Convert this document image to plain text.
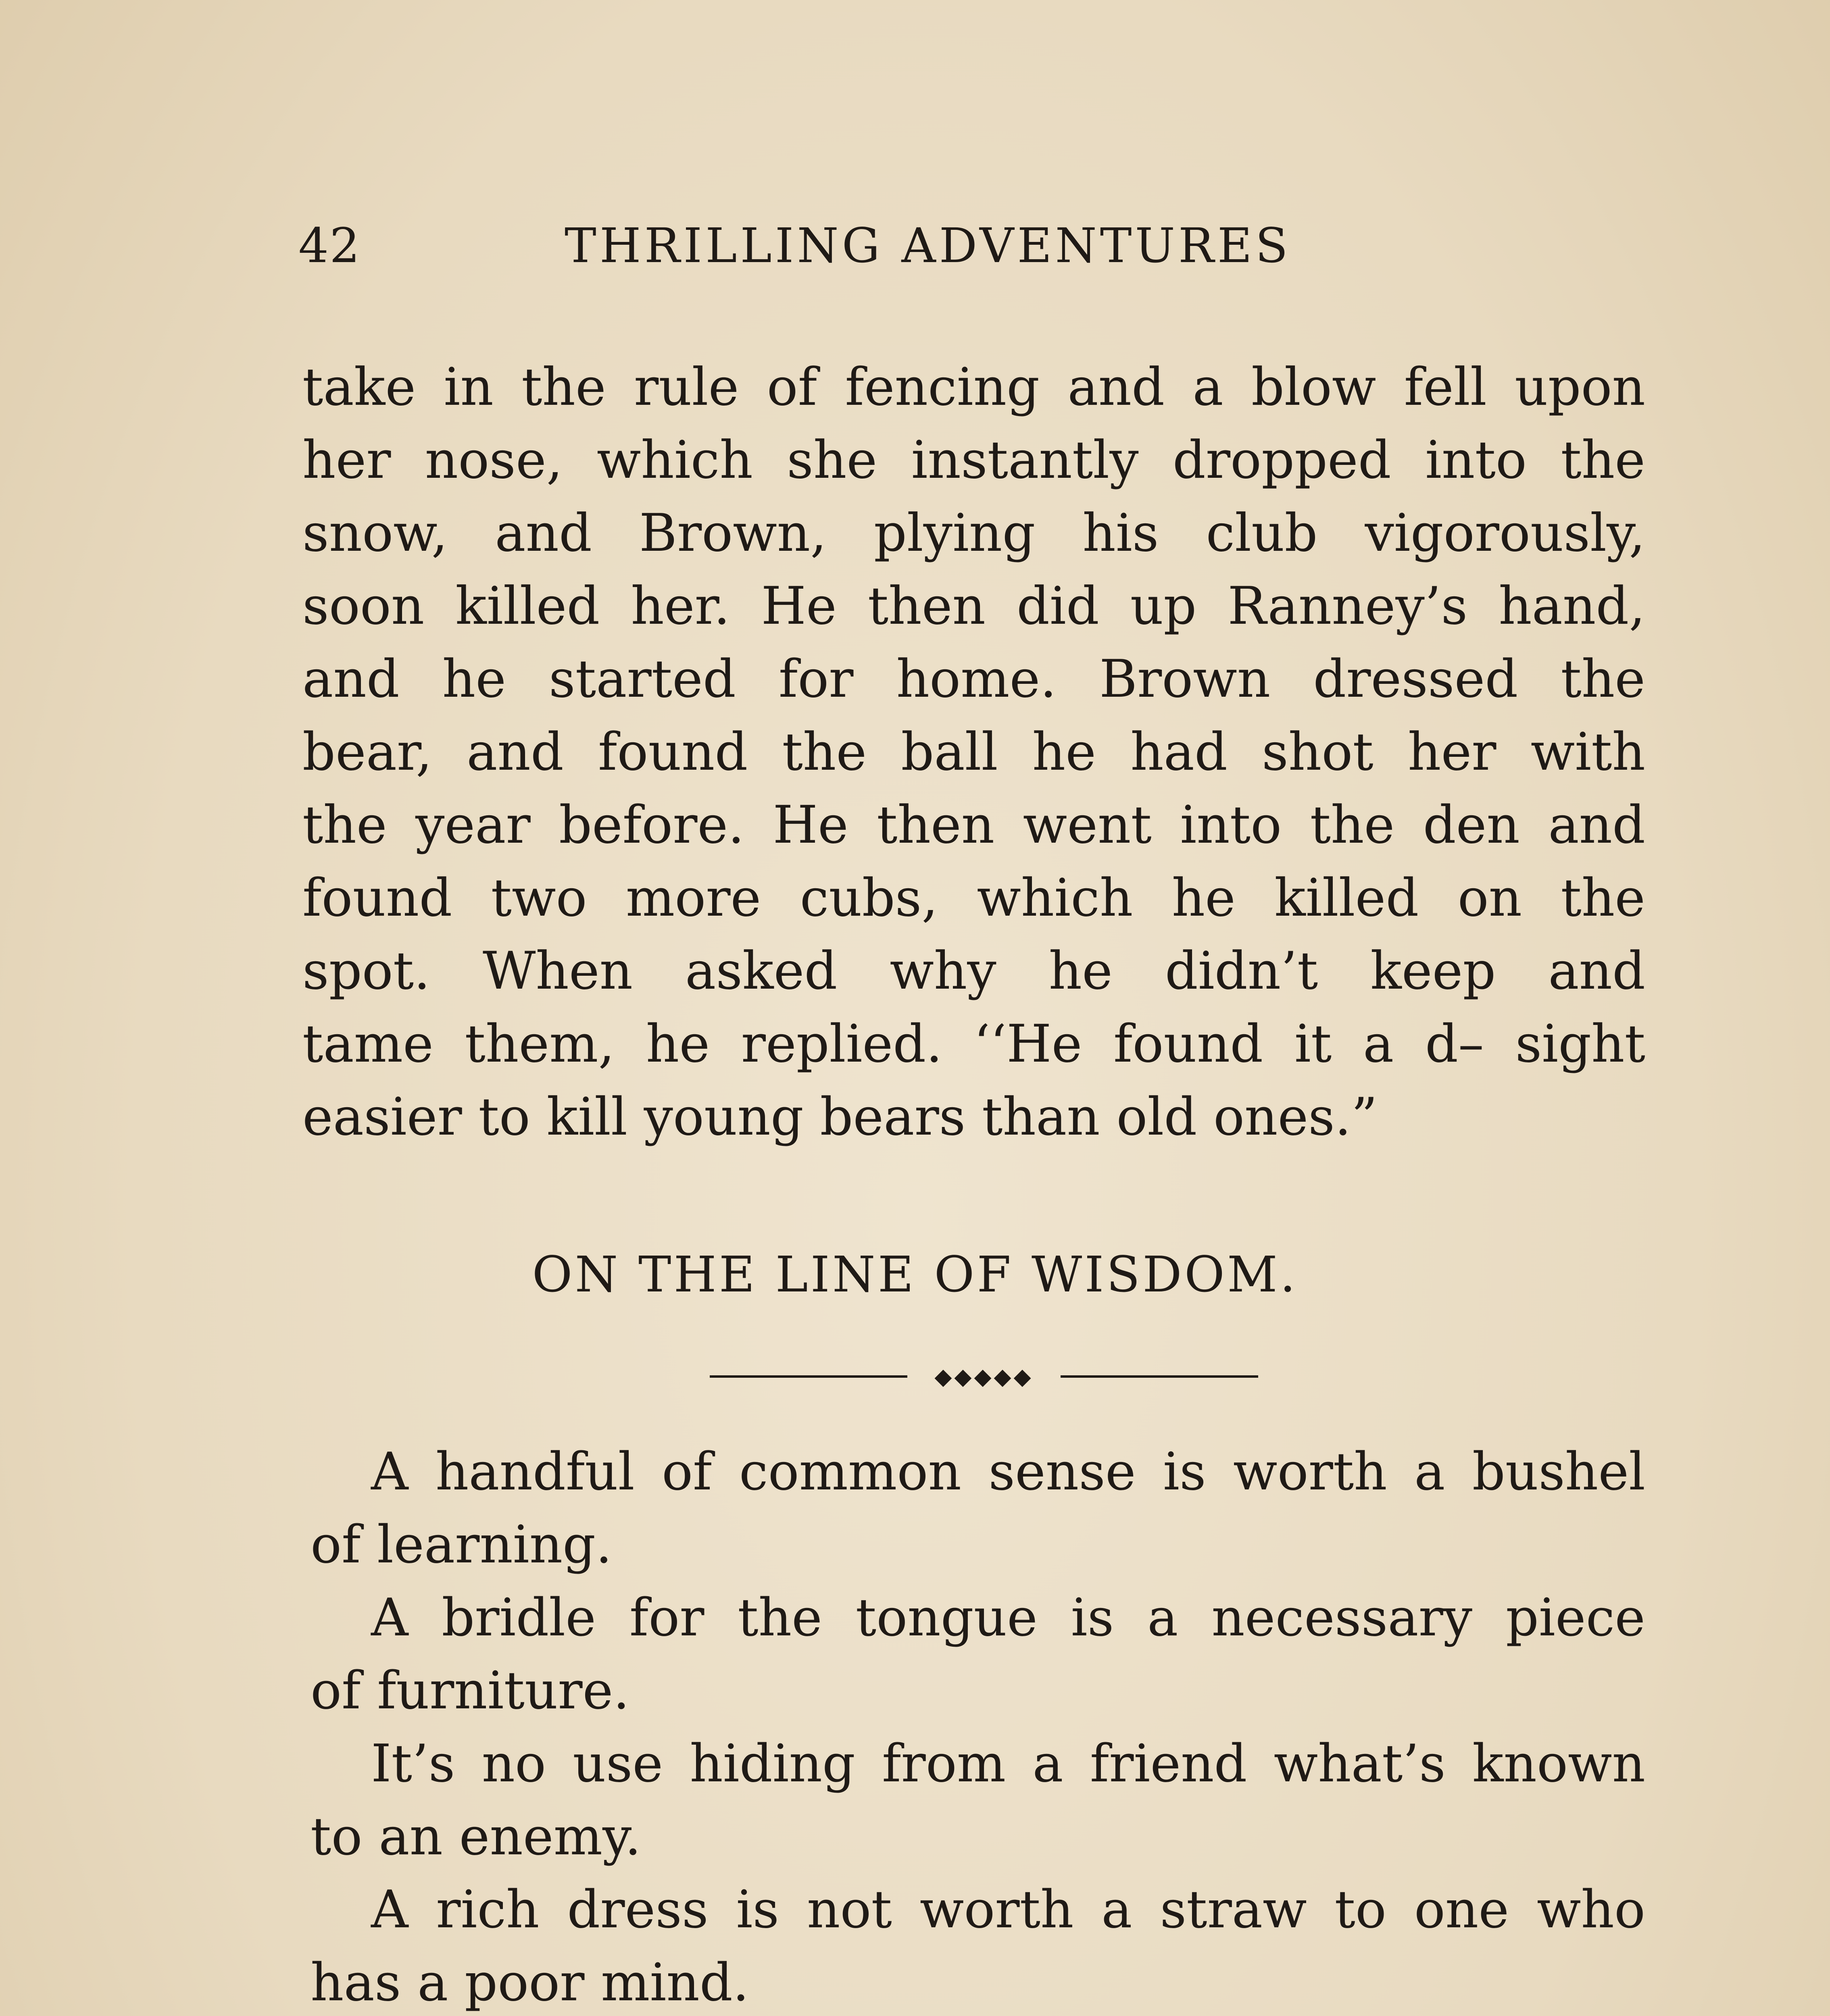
42	THRILLING ADVENTURES
take in the rule of fencing and a blow fell upon
her nose, which she instantly dropped into the
snow, and Brown, plying his club vigorously,
soon killed her. He then did up Ranney’s hand,
and he started for home. Brown dressed the
bear, and found the ball he had shot her with
the year before. He then went into the den and
found two more cubs, which he killed on the
spot. When asked why he didn’t keep and
tame them, he replied. ‘‘He found it a d– sight
easier to kill young bears than old ones.”
ON THE LINE OF WISDOM.
◆◆◆◆◆

A handful of common sense is worth a bushel
of learning.

A bridle for the tongue is a necessary piece
of furniture.

It’s no use hiding from a friend what’s known
to an enemy.

A rich dress is not worth a straw to one who
has a poor mind.
